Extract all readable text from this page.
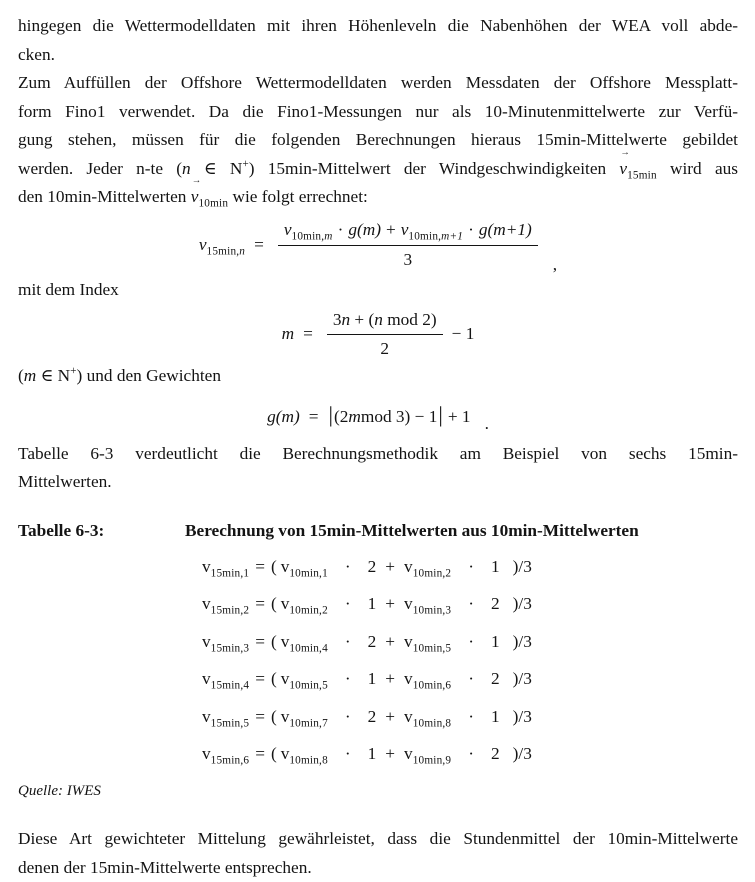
hingegen die Wettermodelldaten mit ihren Höhenleveln die Nabenhöhen der WEA voll abde-
cken.
Zum Auffüllen der Offshore Wettermodelldaten werden Messdaten der Offshore Messplatt-
form Fino1 verwendet. Da die Fino1-Messungen nur als 10-Minutenmittelwerte zur Verfü-
gung stehen, müssen für die folgenden Berechnungen hieraus 15min-Mittelwerte gebildet
werden. Jeder n-te (n ∈ N+) 15min-Mittelwert der Windgeschwindigkeiten v
→
$_{15min}$ wird aus
den 10min-Mittelwerten v
→
$_{10min}$ wie folgt errechnet:
$v_{15min,n} = \frac{v_{10min,m} \cdot g(m) + v_{10min,m+1} \cdot g(m+1)}{3}$ ,
mit dem Index
$m = \frac{\text{3n + (n mod 2)}}{2} - 1$
(m ∈ N+) und den Gewichten
g(m) = | (2 m mod 3) − 1 | + 1 .
Tabelle 6-3 verdeutlicht die Berechnungsmethodik am Beispiel von sechs 15min-
Mittelwerten.
Tabelle 6-3:	Berechnung von 15min-Mittelwerten aus 10min-Mittelwerten
$v_{15min,1}$ = ( $v_{10min,1} \cdot 2 + v_{10min,2} \cdot 1$ )/3
$v_{15min,2}$ = ( $v_{10min,2} \cdot 1 + v_{10min,3} \cdot 2$ )/3
$v_{15min,3}$ = ( $v_{10min,4} \cdot 2 + v_{10min,5} \cdot 1$ )/3
$v_{15min,4}$ = ( $v_{10min,5} \cdot 1 + v_{10min,6} \cdot 2$ )/3
$v_{15min,5}$ = ( $v_{10min,7} \cdot 2 + v_{10min,8} \cdot 1$ )/3
$v_{15min,6}$ = ( $v_{10min,8} \cdot 1 + v_{10min,9} \cdot 2$ )/3
Quelle: IWES
Diese Art gewichteter Mittelung gewährleistet, dass die Stundenmittel der 10min-Mittelwerte
denen der 15min-Mittelwerte entsprechen.
